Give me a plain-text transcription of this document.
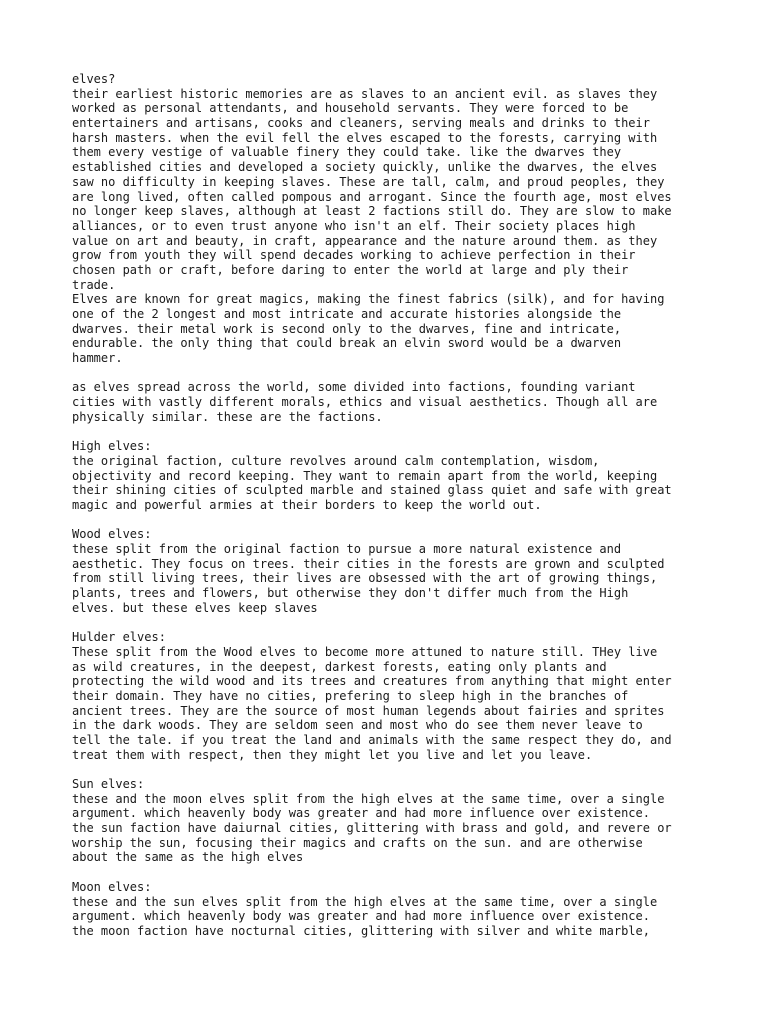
elves?
their earliest historic memories are as slaves to an ancient evil. as slaves they
worked as personal attendants, and household servants. They were forced to be
entertainers and artisans, cooks and cleaners, serving meals and drinks to their
harsh masters. when the evil fell the elves escaped to the forests, carrying with
them every vestige of valuable finery they could take. like the dwarves they
established cities and developed a society quickly, unlike the dwarves, the elves
saw no difficulty in keeping slaves. These are tall, calm, and proud peoples, they
are long lived, often called pompous and arrogant. Since the fourth age, most elves
no longer keep slaves, although at least 2 factions still do. They are slow to make
alliances, or to even trust anyone who isn't an elf. Their society places high
value on art and beauty, in craft, appearance and the nature around them. as they
grow from youth they will spend decades working to achieve perfection in their
chosen path or craft, before daring to enter the world at large and ply their
trade.
Elves are known for great magics, making the finest fabrics (silk), and for having
one of the 2 longest and most intricate and accurate histories alongside the
dwarves. their metal work is second only to the dwarves, fine and intricate,
endurable. the only thing that could break an elvin sword would be a dwarven
hammer.
as elves spread across the world, some divided into factions, founding variant
cities with vastly different morals, ethics and visual aesthetics. Though all are
physically similar. these are the factions.
High elves:
the original faction, culture revolves around calm contemplation, wisdom,
objectivity and record keeping. They want to remain apart from the world, keeping
their shining cities of sculpted marble and stained glass quiet and safe with great
magic and powerful armies at their borders to keep the world out.
Wood elves:
these split from the original faction to pursue a more natural existence and
aesthetic. They focus on trees. their cities in the forests are grown and sculpted
from still living trees, their lives are obsessed with the art of growing things,
plants, trees and flowers, but otherwise they don't differ much from the High
elves. but these elves keep slaves
Hulder elves:
These split from the Wood elves to become more attuned to nature still. THey live
as wild creatures, in the deepest, darkest forests, eating only plants and
protecting the wild wood and its trees and creatures from anything that might enter
their domain. They have no cities, prefering to sleep high in the branches of
ancient trees. They are the source of most human legends about fairies and sprites
in the dark woods. They are seldom seen and most who do see them never leave to
tell the tale. if you treat the land and animals with the same respect they do, and
treat them with respect, then they might let you live and let you leave.
Sun elves:
these and the moon elves split from the high elves at the same time, over a single
argument. which heavenly body was greater and had more influence over existence.
the sun faction have daiurnal cities, glittering with brass and gold, and revere or
worship the sun, focusing their magics and crafts on the sun. and are otherwise
about the same as the high elves
Moon elves:
these and the sun elves split from the high elves at the same time, over a single
argument. which heavenly body was greater and had more influence over existence.
the moon faction have nocturnal cities, glittering with silver and white marble,
